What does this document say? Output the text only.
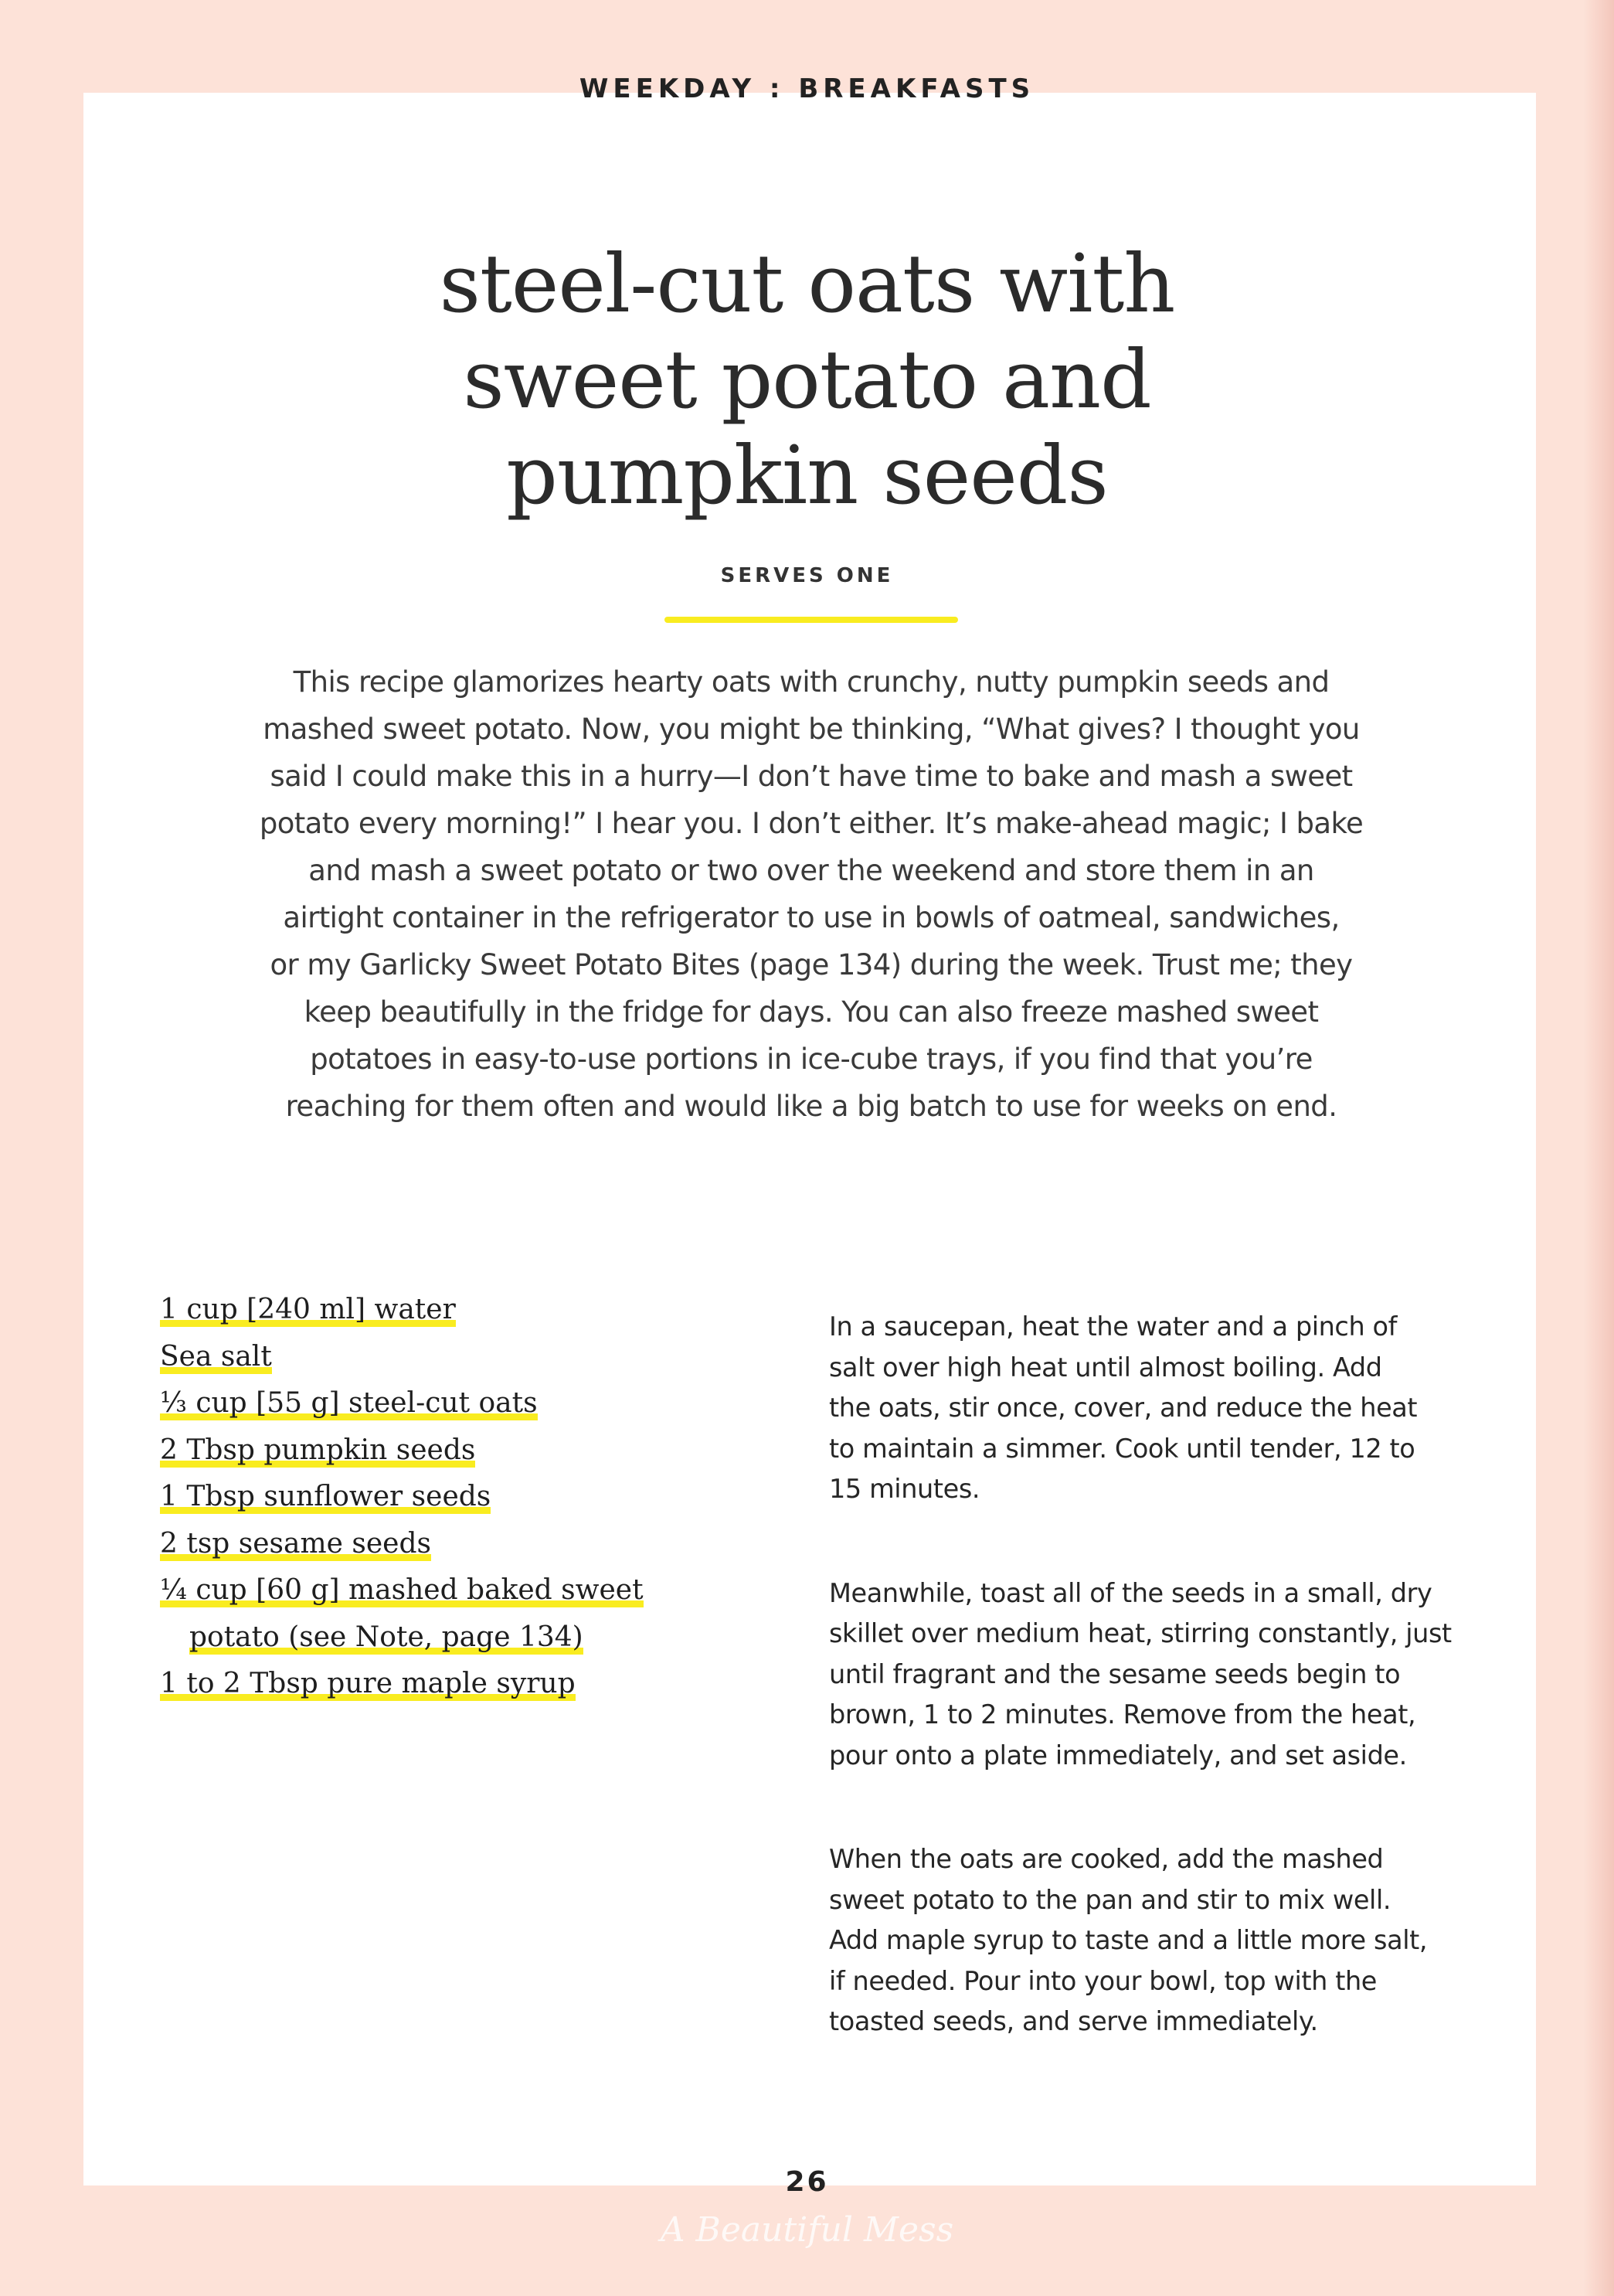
WEEKDAY : BREAKFASTS
steel-cut oats with
sweet potato and
pumpkin seeds
SERVES ONE
This recipe glamorizes hearty oats with crunchy, nutty pumpkin seeds and
mashed sweet potato. Now, you might be thinking, “What gives? I thought you
said I could make this in a hurry—I don’t have time to bake and mash a sweet
potato every morning!” I hear you. I don’t either. It’s make-ahead magic; I bake
and mash a sweet potato or two over the weekend and store them in an
airtight container in the refrigerator to use in bowls of oatmeal, sandwiches,
or my Garlicky Sweet Potato Bites (page 134) during the week. Trust me; they
keep beautifully in the fridge for days. You can also freeze mashed sweet
potatoes in easy-to-use portions in ice-cube trays, if you find that you’re
reaching for them often and would like a big batch to use for weeks on end.
1 cup [240 ml] water
Sea salt
⅓ cup [55 g] steel-cut oats
2 Tbsp pumpkin seeds
1 Tbsp sunflower seeds
2 tsp sesame seeds
¼ cup [60 g] mashed baked sweet
potato (see Note, page 134)
1 to 2 Tbsp pure maple syrup

In a saucepan, heat the water and a pinch of
salt over high heat until almost boiling. Add
the oats, stir once, cover, and reduce the heat
to maintain a simmer. Cook until tender, 12 to
15 minutes.

Meanwhile, toast all of the seeds in a small, dry
skillet over medium heat, stirring constantly, just
until fragrant and the sesame seeds begin to
brown, 1 to 2 minutes. Remove from the heat,
pour onto a plate immediately, and set aside.

When the oats are cooked, add the mashed
sweet potato to the pan and stir to mix well.
Add maple syrup to taste and a little more salt,
if needed. Pour into your bowl, top with the
toasted seeds, and serve immediately.

26
A Beautiful Mess
